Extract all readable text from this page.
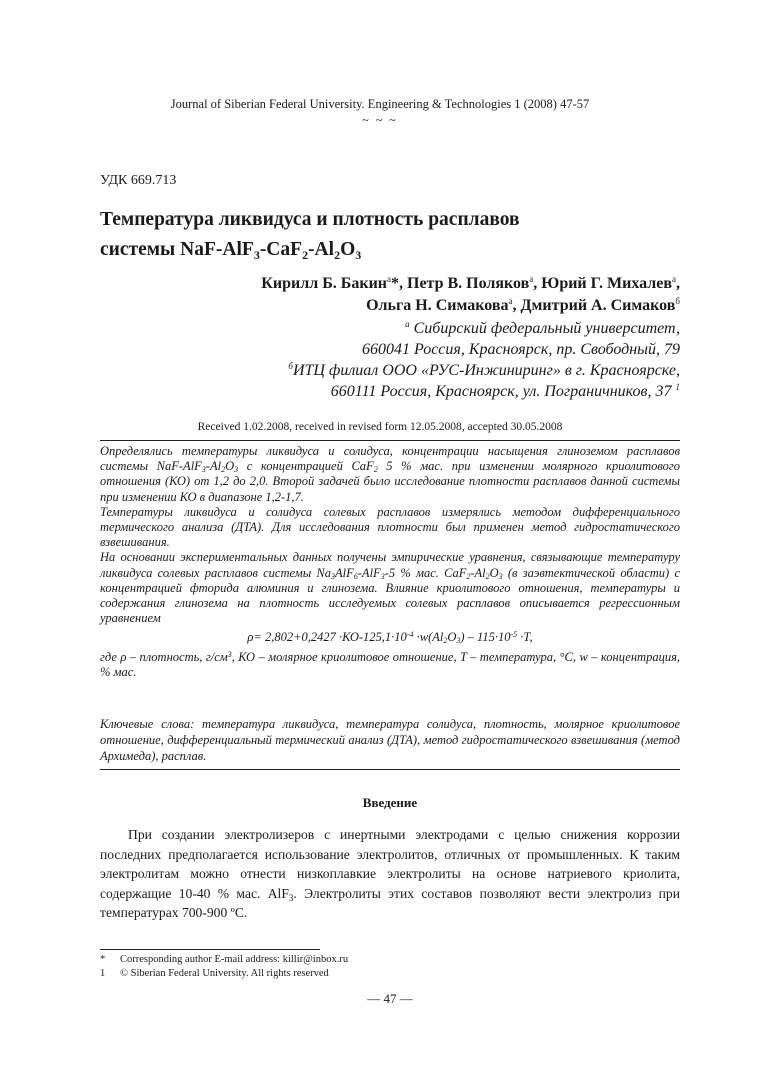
Journal of Siberian Federal University. Engineering & Technologies 1 (2008) 47-57
~ ~ ~
УДК 669.713
Температура ликвидуса и плотность расплавов
системы NaF-$AlF_3-CaF_2-Al_2O_3$
Кирилл Б. Бакин$^а$*, Петр В. Поляков$^а$, Юрий Г. Михалев$^а$,
Ольга Н. Симакова$^а$, Дмитрий А. Симаков$^б$
$^а$ Сибирский федеральный университет,
660041 Россия, Красноярск, пр. Свободный, 79
$^б$ИТЦ филиал ООО «РУС-Инжиниринг» в г. Красноярске,
660111 Россия, Красноярск, ул. Пограничников, 37 $^1$
Received 1.02.2008, received in revised form 12.05.2008, accepted 30.05.2008

Определялись температуры ликвидуса и солидуса, концентрации насыщения глиноземом расплавов системы NaF-$AlF_3-Al_2O_3$ с концентрацией CaF$_2$ 5 % мас. при изменении молярного криолитового отношения (КО) от 1,2 до 2,0. Второй задачей было исследование плотности расплавов данной системы при изменении КО в диапазоне 1,2-1,7.

Температуры ликвидуса и солидуса солевых расплавов измерялись методом дифференциального термического анализа (ДТА). Для исследования плотности был применен метод гидростатического взвешивания.

На основании экспериментальных данных получены эмпирические уравнения, связывающие температуру ликвидуса солевых расплавов системы $Na_3AlF_6-AlF_3-5$ % мас. $CaF_2-Al_2O_3$ (в заэвтектической области) с концентрацией фторида алюминия и глинозема. Влияние криолитового отношения, температуры и содержания глинозема на плотность исследуемых солевых расплавов описывается регрессионным уравнением

$\rho= 2,802+0,2427 \cdot КО-125,1\cdot 10^{-4} \cdot w(Al_2O_3) - 115\cdot 10^{-5} \cdot T$,

где ρ – плотность, $г/см^3$, КО – молярное криолитовое отношение, T – температура, °С, w – концентрация, % мас.

Ключевые слова: температура ликвидуса, температура солидуса, плотность, молярное криолитовое отношение, дифференциальный термический анализ (ДТА), метод гидростатического взвешивания (метод Архимеда), расплав.
Введение

При создании электролизеров с инертными электродами с целью снижения коррозии последних предполагается использование электролитов, отличных от промышленных. К таким электролитам можно отнести низкоплавкие электролиты на основе натриевого криолита, содержащие 10-40 % мас. AlF$_3$. Электролиты этих составов позволяют вести электролиз при температурах 700-900 ºС.

*	Corresponding author E-mail address: killir@inbox.ru
1	© Siberian Federal University. All rights reserved
— 47 —
